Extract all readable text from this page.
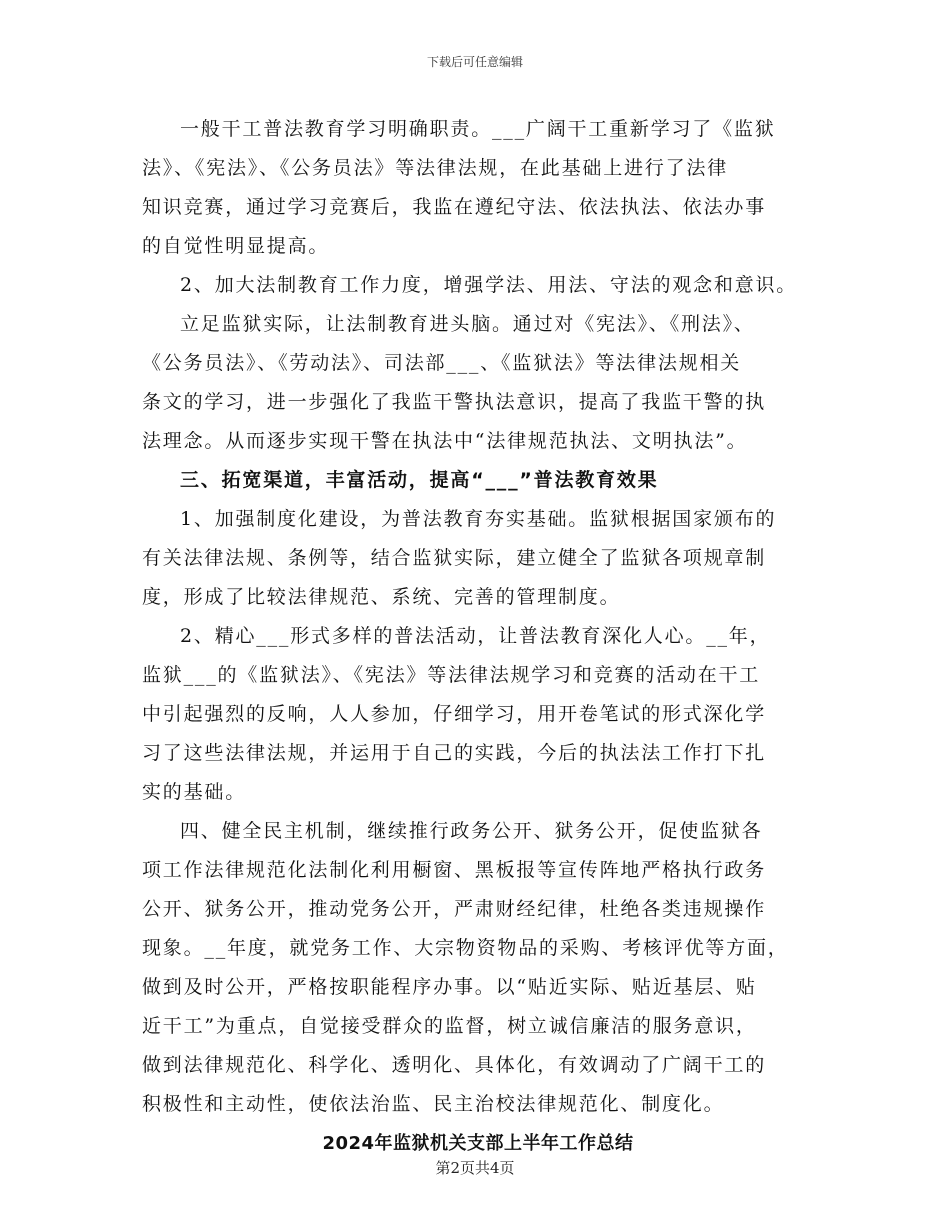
下载后可任意编辑
一般干工普法教育学习明确职责。___广阔干工重新学习了《监狱
法》、《宪法》、《公务员法》等法律法规，在此基础上进行了法律
知识竞赛，通过学习竞赛后，我监在遵纪守法、依法执法、依法办事
的自觉性明显提高。
2、加大法制教育工作力度，增强学法、用法、守法的观念和意识。
立足监狱实际，让法制教育进头脑。通过对《宪法》、《刑法》、
《公务员法》、《劳动法》、司法部___、《监狱法》等法律法规相关
条文的学习，进一步强化了我监干警执法意识，提高了我监干警的执
法理念。从而逐步实现干警在执法中“法律规范执法、文明执法”。
三、拓宽渠道，丰富活动，提高“___”普法教育效果
1、加强制度化建设，为普法教育夯实基础。监狱根据国家颁布的
有关法律法规、条例等，结合监狱实际，建立健全了监狱各项规章制
度，形成了比较法律规范、系统、完善的管理制度。
2、精心___形式多样的普法活动，让普法教育深化人心。__年，
监狱___的《监狱法》、《宪法》等法律法规学习和竞赛的活动在干工
中引起强烈的反响，人人参加，仔细学习，用开卷笔试的形式深化学
习了这些法律法规，并运用于自己的实践，今后的执法法工作打下扎
实的基础。
四、健全民主机制，继续推行政务公开、狱务公开，促使监狱各
项工作法律规范化法制化利用橱窗、黑板报等宣传阵地严格执行政务
公开、狱务公开，推动党务公开，严肃财经纪律，杜绝各类违规操作
现象。__年度，就党务工作、大宗物资物品的采购、考核评优等方面，
做到及时公开，严格按职能程序办事。以“贴近实际、贴近基层、贴
近干工”为重点，自觉接受群众的监督，树立诚信廉洁的服务意识，
做到法律规范化、科学化、透明化、具体化，有效调动了广阔干工的
积极性和主动性，使依法治监、民主治校法律规范化、制度化。
2024年监狱机关支部上半年工作总结
第2页共4页
